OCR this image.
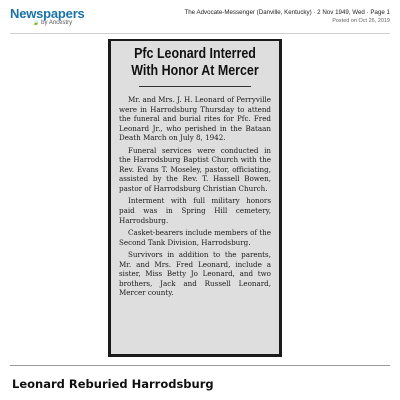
Newspapers
🍃 by Ancestry
The Advocate-Messenger (Danville, Kentucky) · 2 Nov 1949, Wed · Page 1
Posted on Oct 26, 2019
Pfc Leonard Interred
With Honor At Mercer

Mr. and Mrs. J. H. Leonard of Perryville were in Harrodsburg Thursday to attend the funeral and burial rites for Pfc. Fred Leonard Jr., who perished in the Bataan Death March on July 8, 1942.

Funeral services were conducted in the Harrodsburg Baptist Church with the Rev. Evans T. Moseley, pastor, officiating, assisted by the Rev. T. Hassell Bowen, pastor of Harrodsburg Christian Church.

Interment with full military honors paid was in Spring Hill cemetery, Harrodsburg.

Casket-bearers include members of the Second Tank Division, Harrodsburg.

Survivors in addition to the parents, Mr. and Mrs. Fred Leonard, include a sister, Miss Betty Jo Leonard, and two brothers, Jack and Russell Leonard, Mercer county.

Leonard Reburied Harrodsburg
